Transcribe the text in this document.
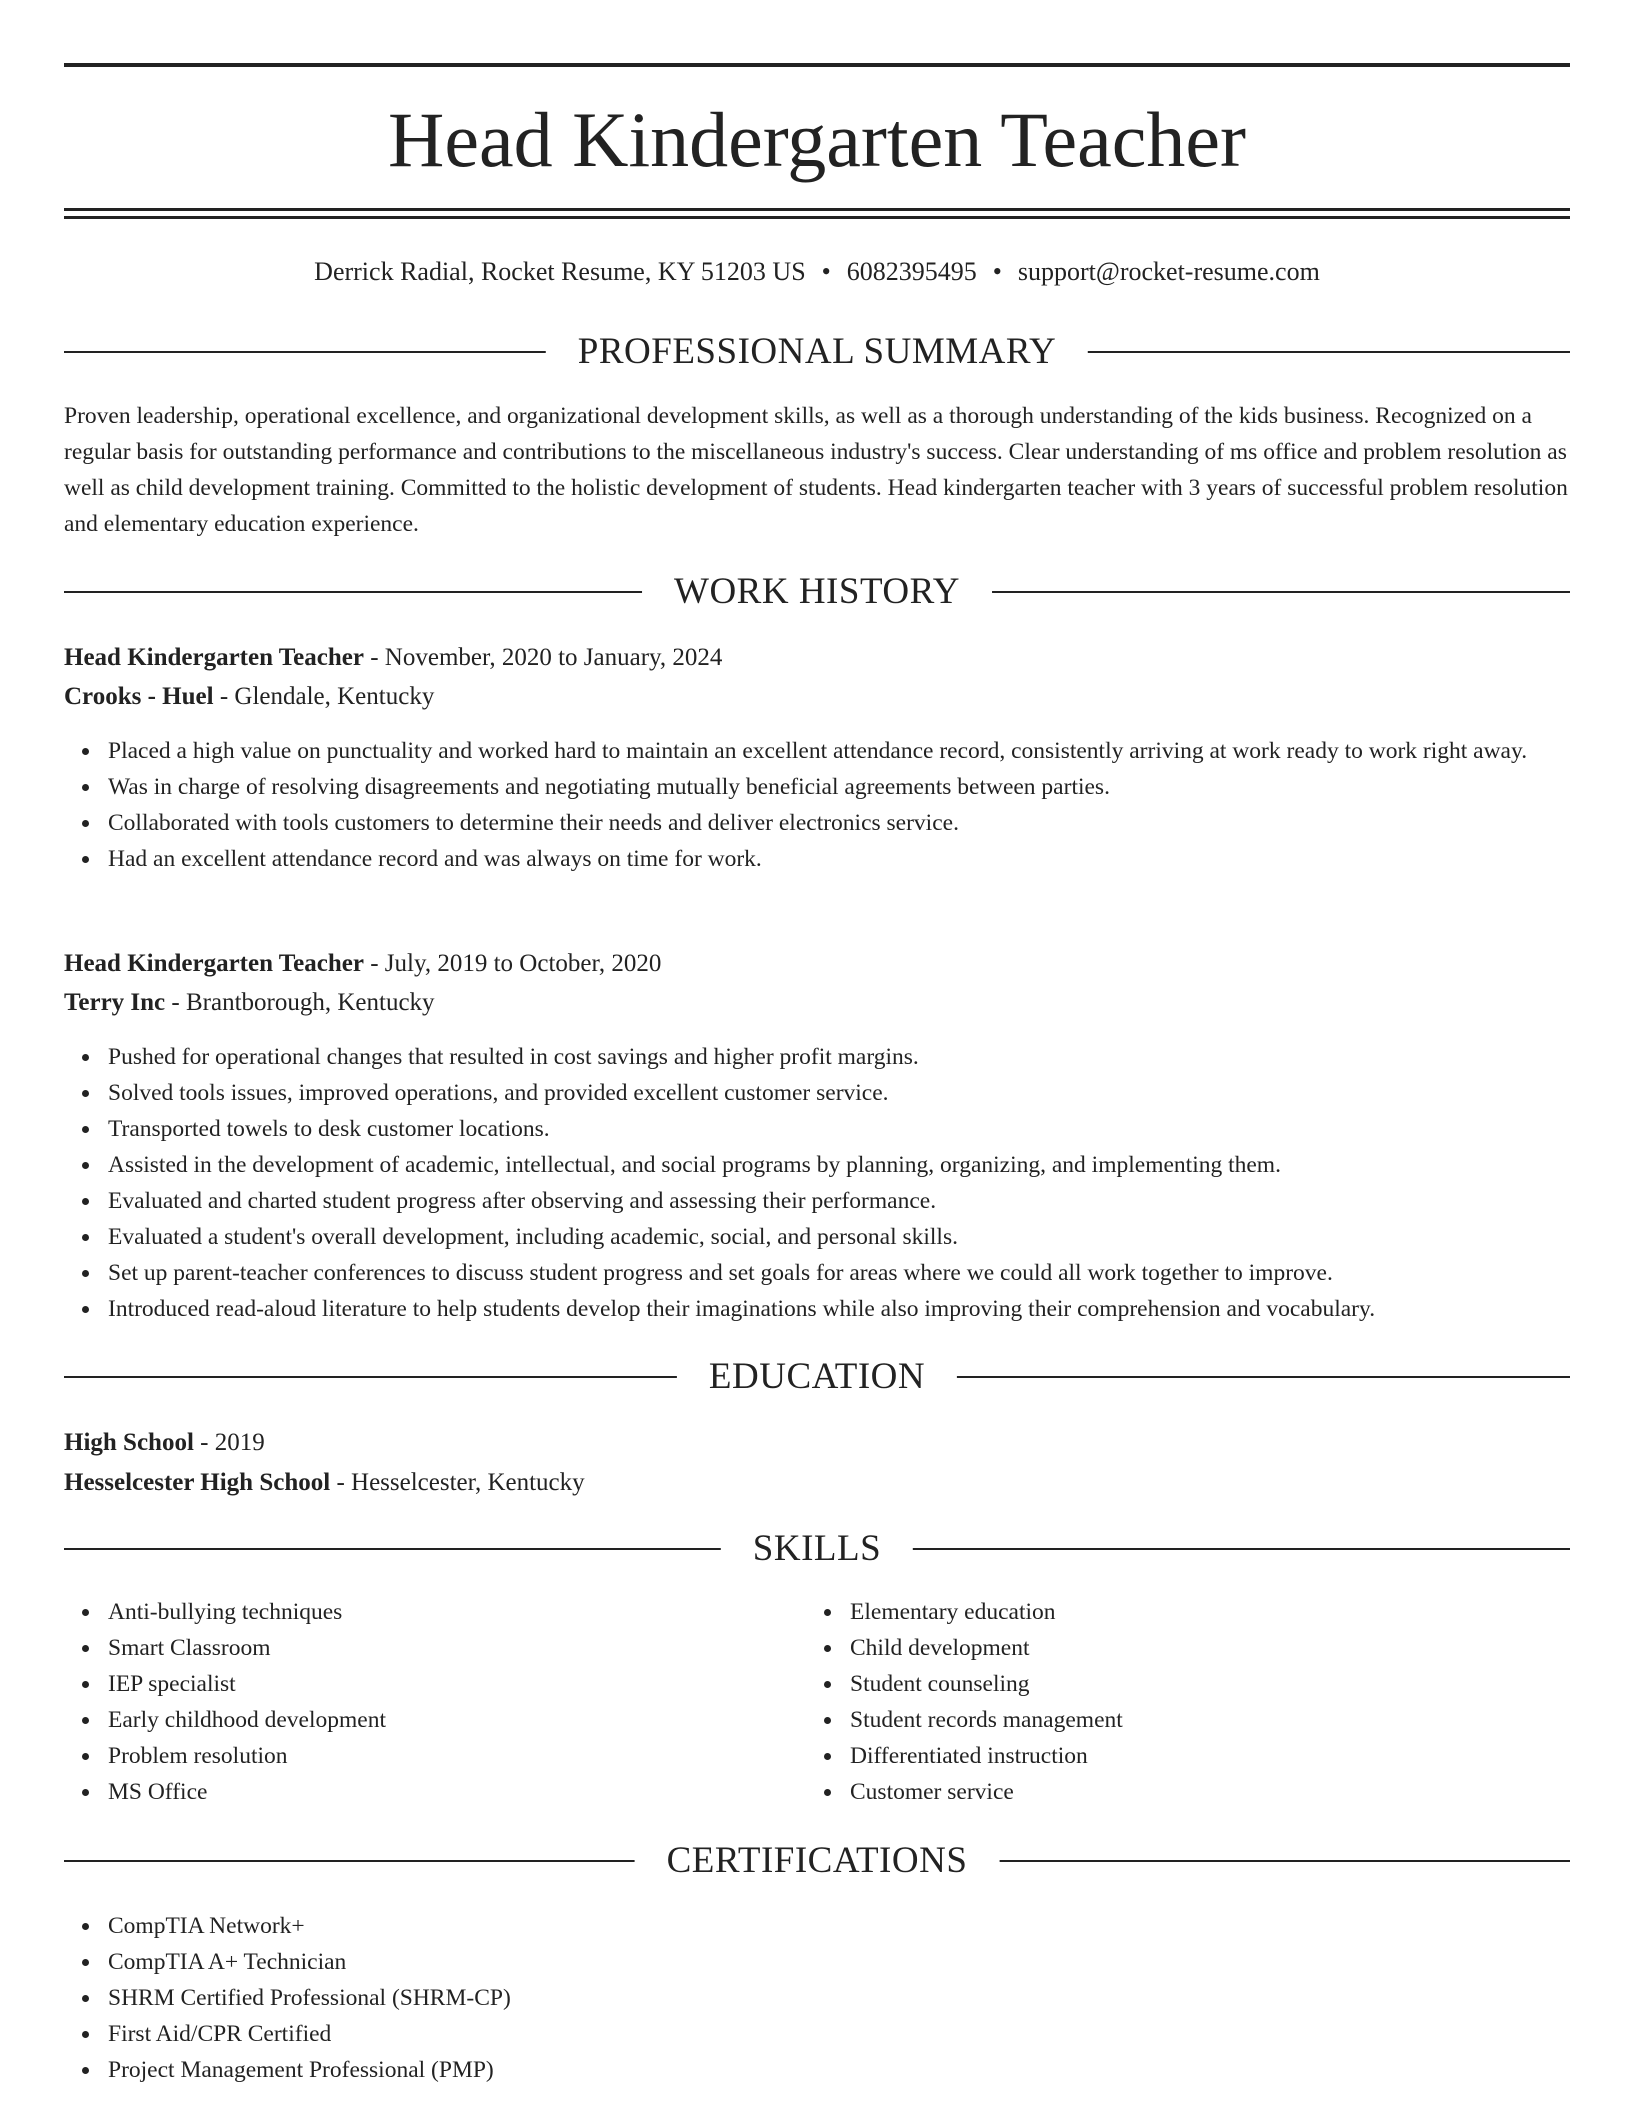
Head Kindergarten Teacher
Derrick Radial, Rocket Resume, KY 51203 US • 6082395495 • support@rocket-resume.com
PROFESSIONAL SUMMARY

Proven leadership, operational excellence, and organizational development skills, as well as a thorough understanding of the kids business. Recognized on a regular basis for outstanding performance and contributions to the miscellaneous industry's success. Clear understanding of ms office and problem resolution as well as child development training. Committed to the holistic development of students. Head kindergarten teacher with 3 years of successful problem resolution and elementary education experience.

WORK HISTORY
Head Kindergarten Teacher - November, 2020 to January, 2024
Crooks - Huel - Glendale, Kentucky
Placed a high value on punctuality and worked hard to maintain an excellent attendance record, consistently arriving at work ready to work right away.
Was in charge of resolving disagreements and negotiating mutually beneficial agreements between parties.
Collaborated with tools customers to determine their needs and deliver electronics service.
Had an excellent attendance record and was always on time for work.
Head Kindergarten Teacher - July, 2019 to October, 2020
Terry Inc - Brantborough, Kentucky
Pushed for operational changes that resulted in cost savings and higher profit margins.
Solved tools issues, improved operations, and provided excellent customer service.
Transported towels to desk customer locations.
Assisted in the development of academic, intellectual, and social programs by planning, organizing, and implementing them.
Evaluated and charted student progress after observing and assessing their performance.
Evaluated a student's overall development, including academic, social, and personal skills.
Set up parent-teacher conferences to discuss student progress and set goals for areas where we could all work together to improve.
Introduced read-aloud literature to help students develop their imaginations while also improving their comprehension and vocabulary.
EDUCATION
High School - 2019
Hesselcester High School - Hesselcester, Kentucky
SKILLS
Anti-bullying techniques
Smart Classroom
IEP specialist
Early childhood development
Problem resolution
MS Office
Elementary education
Child development
Student counseling
Student records management
Differentiated instruction
Customer service
CERTIFICATIONS
CompTIA Network+
CompTIA A+ Technician
SHRM Certified Professional (SHRM-CP)
First Aid/CPR Certified
Project Management Professional (PMP)
